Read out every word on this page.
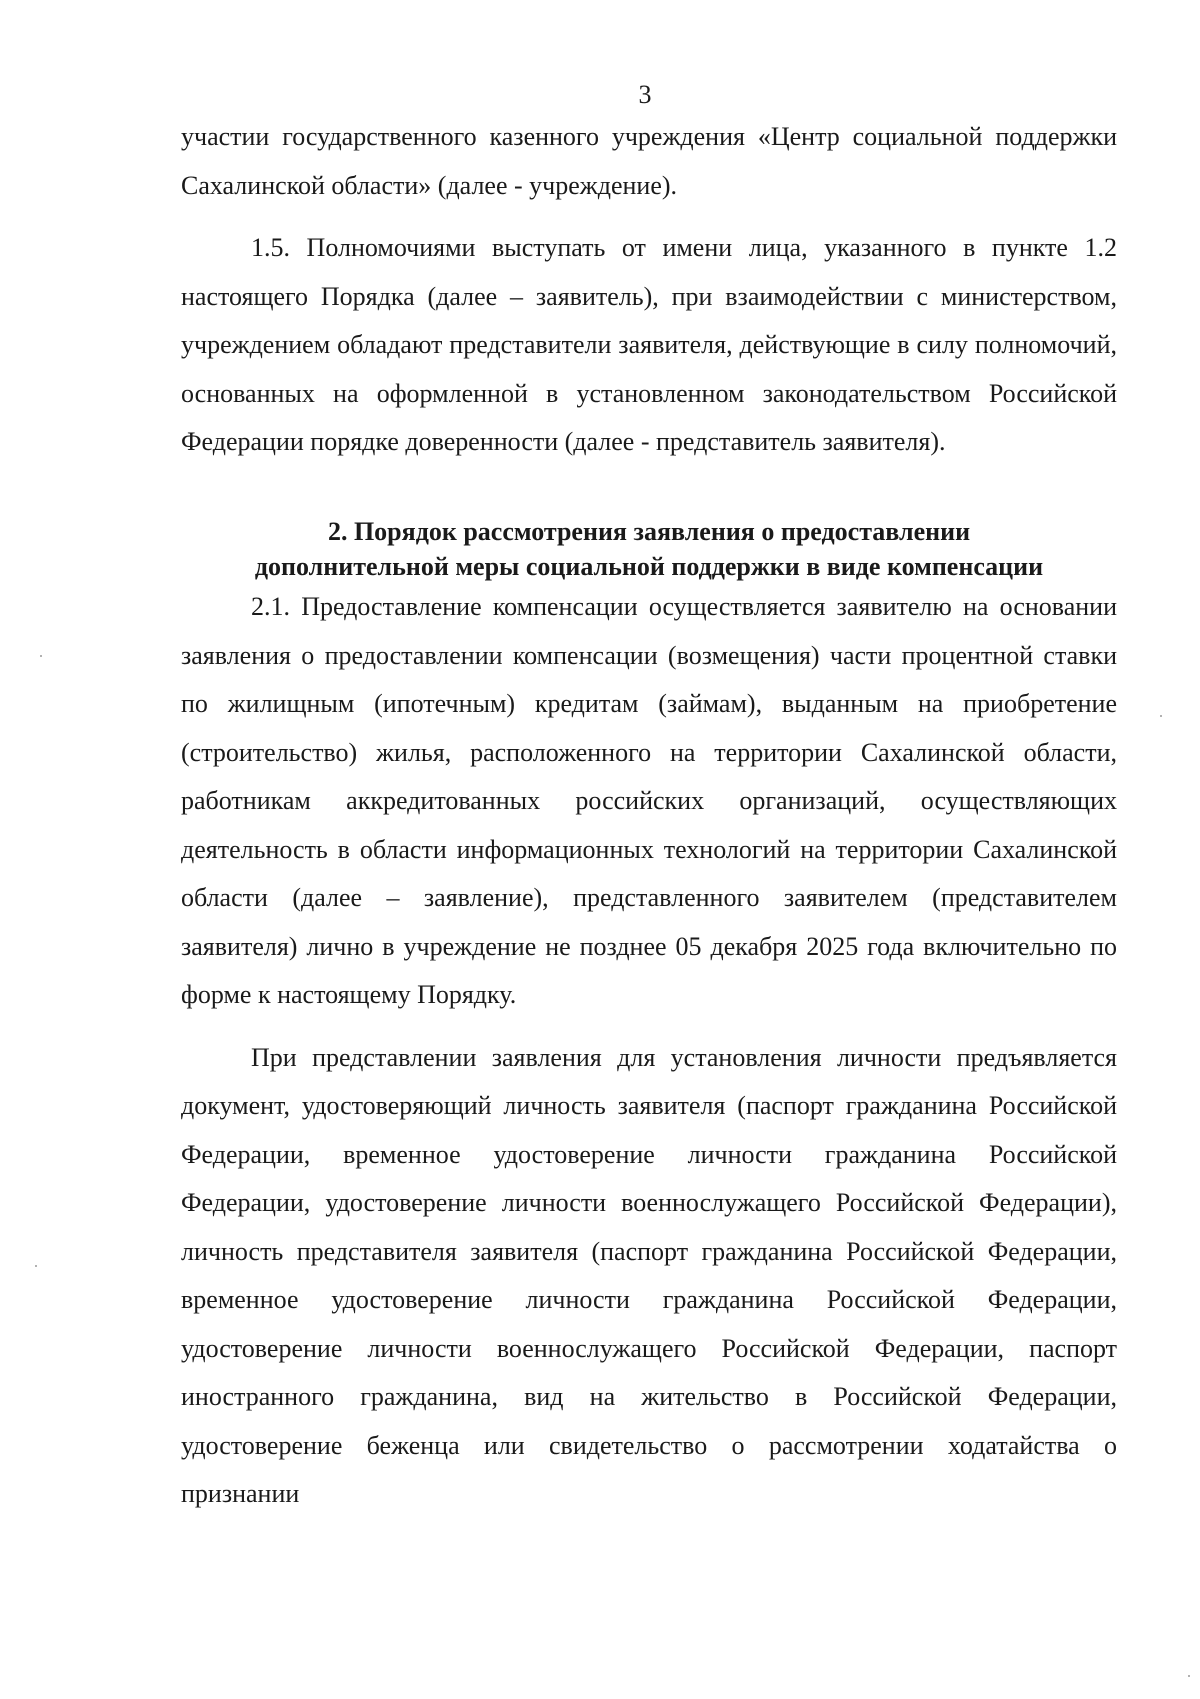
3

участии государственного казенного учреждения «Центр социальной поддержки Сахалинской области» (далее - учреждение).

1.5. Полномочиями выступать от имени лица, указанного в пункте 1.2 настоящего Порядка (далее – заявитель), при взаимодействии с министерством, учреждением обладают представители заявителя, действующие в силу полномочий, основанных на оформленной в установленном законодательством Российской Федерации порядке доверенности (далее - представитель заявителя).

2. Порядок рассмотрения заявления о предоставлении
дополнительной меры социальной поддержки в виде компенсации

2.1. Предоставление компенсации осуществляется заявителю на основании заявления о предоставлении компенсации (возмещения) части процентной ставки по жилищным (ипотечным) кредитам (займам), выданным на приобретение (строительство) жилья, расположенного на территории Сахалинской области, работникам аккредитованных российских организаций, осуществляющих деятельность в области информационных технологий на территории Сахалинской области (далее – заявление), представленного заявителем (представителем заявителя) лично в учреждение не позднее 05 декабря 2025 года включительно по форме к настоящему Порядку.

При представлении заявления для установления личности предъявляется документ, удостоверяющий личность заявителя (паспорт гражданина Российской Федерации, временное удостоверение личности гражданина Российской Федерации, удостоверение личности военнослужащего Российской Федерации), личность представителя заявителя (паспорт гражданина Российской Федерации, временное удостоверение личности гражданина Российской Федерации, удостоверение личности военнослужащего Российской Федерации, паспорт иностранного гражданина, вид на жительство в Российской Федерации, удостоверение беженца или свидетельство о рассмотрении ходатайства о признании
